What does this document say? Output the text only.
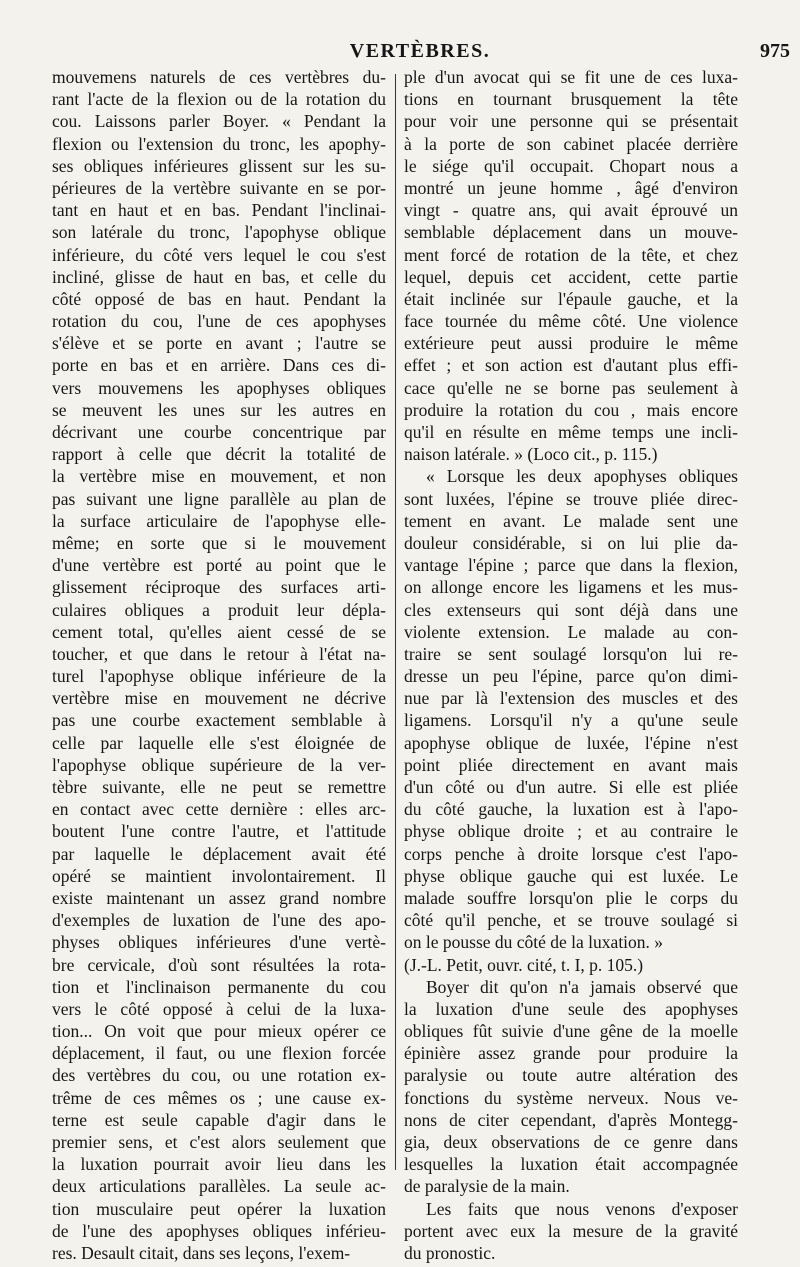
VERTÈBRES.	975
mouvemens naturels de ces vertèbres du-
rant l'acte de la flexion ou de la rotation du
cou. Laissons parler Boyer. « Pendant la
flexion ou l'extension du tronc, les apophy-
ses obliques inférieures glissent sur les su-
périeures de la vertèbre suivante en se por-
tant en haut et en bas. Pendant l'inclinai-
son latérale du tronc, l'apophyse oblique
inférieure, du côté vers lequel le cou s'est
incliné, glisse de haut en bas, et celle du
côté opposé de bas en haut. Pendant la
rotation du cou, l'une de ces apophyses
s'élève et se porte en avant ; l'autre se
porte en bas et en arrière. Dans ces di-
vers mouvemens les apophyses obliques
se meuvent les unes sur les autres en
décrivant une courbe concentrique par
rapport à celle que décrit la totalité de
la vertèbre mise en mouvement, et non
pas suivant une ligne parallèle au plan de
la surface articulaire de l'apophyse elle-
même; en sorte que si le mouvement
d'une vertèbre est porté au point que le
glissement réciproque des surfaces arti-
culaires obliques a produit leur dépla-
cement total, qu'elles aient cessé de se
toucher, et que dans le retour à l'état na-
turel l'apophyse oblique inférieure de la
vertèbre mise en mouvement ne décrive
pas une courbe exactement semblable à
celle par laquelle elle s'est éloignée de
l'apophyse oblique supérieure de la ver-
tèbre suivante, elle ne peut se remettre
en contact avec cette dernière : elles arc-
boutent l'une contre l'autre, et l'attitude
par laquelle le déplacement avait été
opéré se maintient involontairement. Il
existe maintenant un assez grand nombre
d'exemples de luxation de l'une des apo-
physes obliques inférieures d'une vertè-
bre cervicale, d'où sont résultées la rota-
tion et l'inclinaison permanente du cou
vers le côté opposé à celui de la luxa-
tion... On voit que pour mieux opérer ce
déplacement, il faut, ou une flexion forcée
des vertèbres du cou, ou une rotation ex-
trême de ces mêmes os ; une cause ex-
terne est seule capable d'agir dans le
premier sens, et c'est alors seulement que
la luxation pourrait avoir lieu dans les
deux articulations parallèles. La seule ac-
tion musculaire peut opérer la luxation
de l'une des apophyses obliques inférieu-
res. Desault citait, dans ses leçons, l'exem-
ple d'un avocat qui se fit une de ces luxa-
tions en tournant brusquement la tête
pour voir une personne qui se présentait
à la porte de son cabinet placée derrière
le siége qu'il occupait. Chopart nous a
montré un jeune homme , âgé d'environ
vingt - quatre ans, qui avait éprouvé un
semblable déplacement dans un mouve-
ment forcé de rotation de la tête, et chez
lequel, depuis cet accident, cette partie
était inclinée sur l'épaule gauche, et la
face tournée du même côté. Une violence
extérieure peut aussi produire le même
effet ; et son action est d'autant plus effi-
cace qu'elle ne se borne pas seulement à
produire la rotation du cou , mais encore
qu'il en résulte en même temps une incli-
naison latérale. » (Loco cit., p. 115.)
« Lorsque les deux apophyses obliques
sont luxées, l'épine se trouve pliée direc-
tement en avant. Le malade sent une
douleur considérable, si on lui plie da-
vantage l'épine ; parce que dans la flexion,
on allonge encore les ligamens et les mus-
cles extenseurs qui sont déjà dans une
violente extension. Le malade au con-
traire se sent soulagé lorsqu'on lui re-
dresse un peu l'épine, parce qu'on dimi-
nue par là l'extension des muscles et des
ligamens. Lorsqu'il n'y a qu'une seule
apophyse oblique de luxée, l'épine n'est
point pliée directement en avant mais
d'un côté ou d'un autre. Si elle est pliée
du côté gauche, la luxation est à l'apo-
physe oblique droite ; et au contraire le
corps penche à droite lorsque c'est l'apo-
physe oblique gauche qui est luxée. Le
malade souffre lorsqu'on plie le corps du
côté qu'il penche, et se trouve soulagé si
on le pousse du côté de la luxation. »
(J.-L. Petit, ouvr. cité, t. I, p. 105.)
Boyer dit qu'on n'a jamais observé que
la luxation d'une seule des apophyses
obliques fût suivie d'une gêne de la moelle
épinière assez grande pour produire la
paralysie ou toute autre altération des
fonctions du système nerveux. Nous ve-
nons de citer cependant, d'après Montegg-
gia, deux observations de ce genre dans
lesquelles la luxation était accompagnée
de paralysie de la main.
Les faits que nous venons d'exposer
portent avec eux la mesure de la gravité
du pronostic.
